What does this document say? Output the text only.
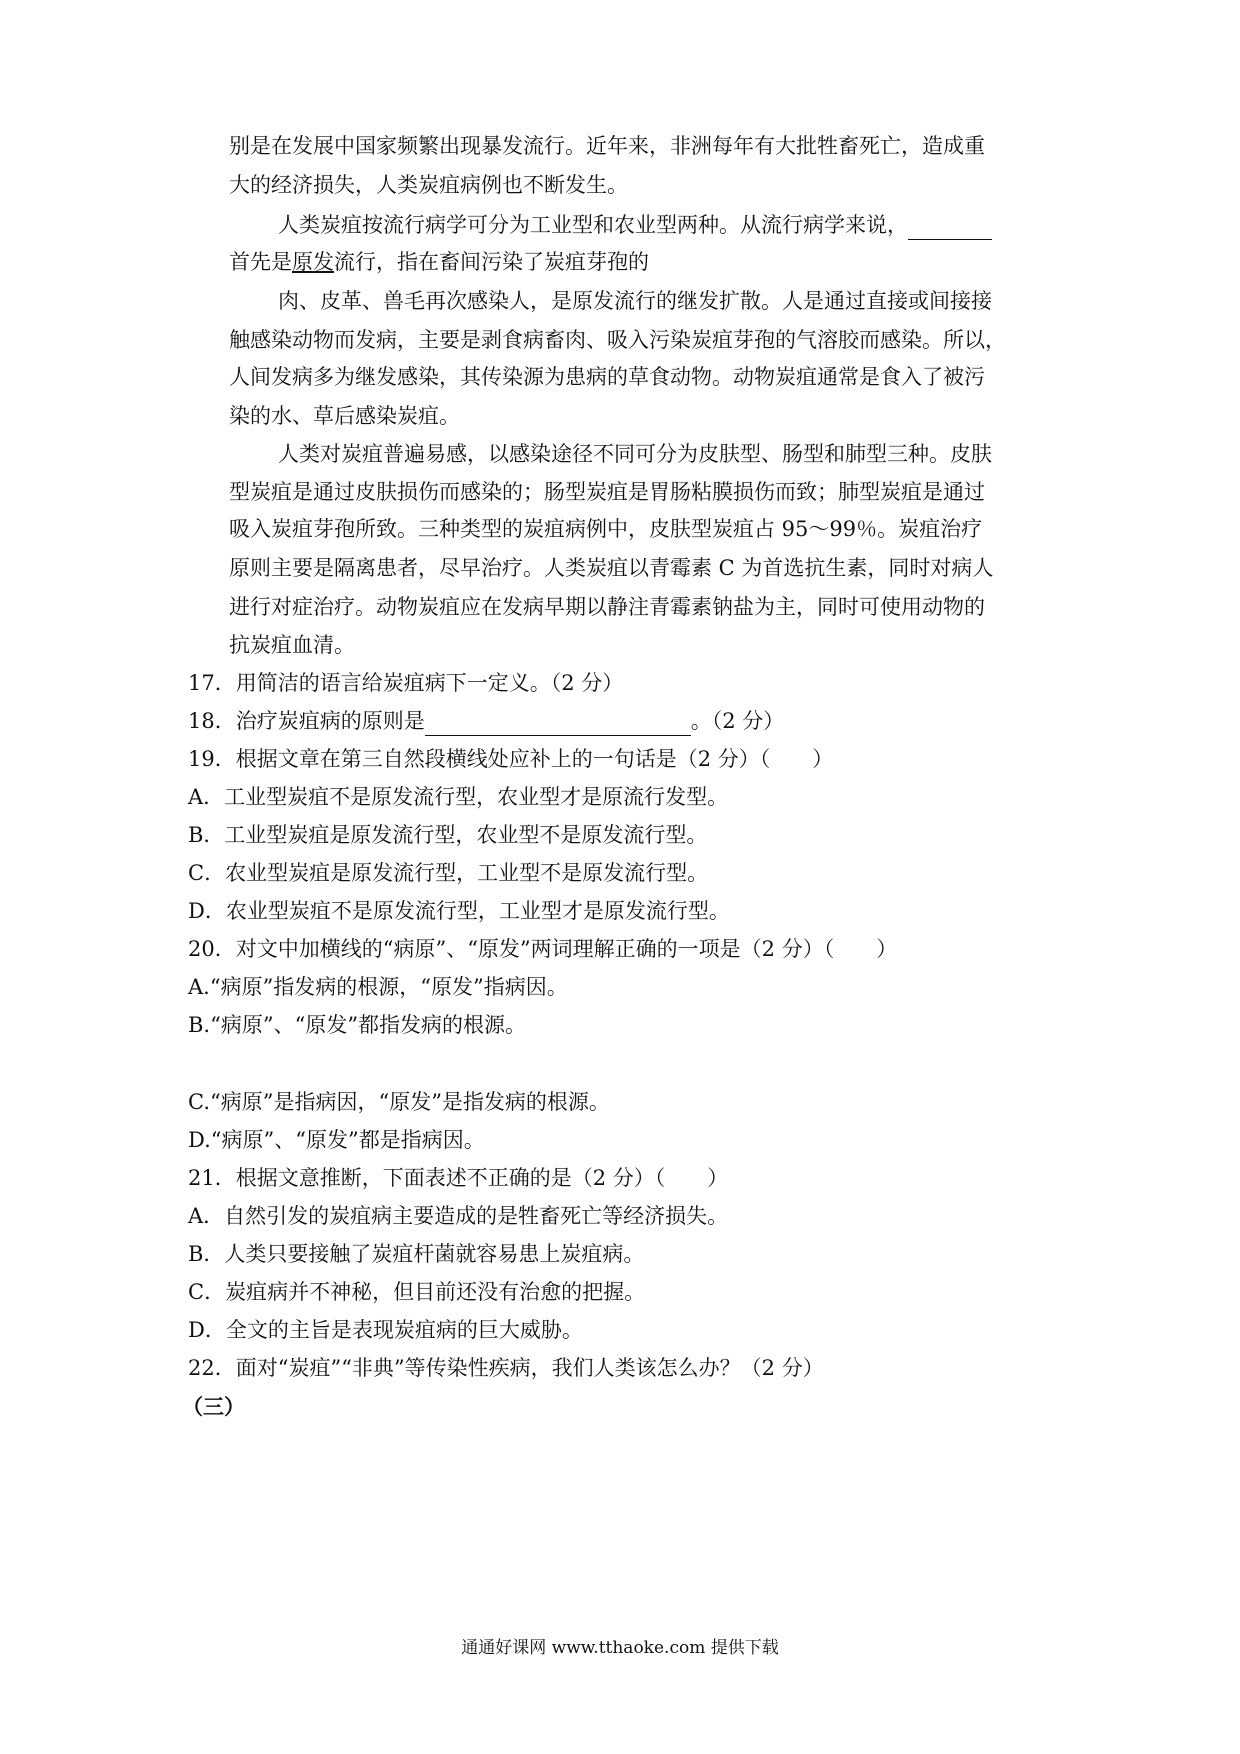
别是在发展中国家频繁出现暴发流行。近年来，非洲每年有大批牲畜死亡，造成重
大的经济损失，人类炭疽病例也不断发生。
人类炭疽按流行病学可分为工业型和农业型两种。从流行病学来说，
首先是原发流行，指在畜间污染了炭疽芽孢的
肉、皮革、兽毛再次感染人，是原发流行的继发扩散。人是通过直接或间接接
触感染动物而发病，主要是剥食病畜肉、吸入污染炭疽芽孢的气溶胶而感染。所以，
人间发病多为继发感染，其传染源为患病的草食动物。动物炭疽通常是食入了被污
染的水、草后感染炭疽。
人类对炭疽普遍易感，以感染途径不同可分为皮肤型、肠型和肺型三种。皮肤
型炭疽是通过皮肤损伤而感染的；肠型炭疽是胃肠粘膜损伤而致；肺型炭疽是通过
吸入炭疽芽孢所致。三种类型的炭疽病例中，皮肤型炭疽占 95～99％。炭疽治疗
原则主要是隔离患者，尽早治疗。人类炭疽以青霉素 C 为首选抗生素，同时对病人
进行对症治疗。动物炭疽应在发病早期以静注青霉素钠盐为主，同时可使用动物的
抗炭疽血清。
17．用简洁的语言给炭疽病下一定义。（2 分）
18．治疗炭疽病的原则是	。（2 分）
19．根据文章在第三自然段横线处应补上的一句话是（2 分）（　　）
A．工业型炭疽不是原发流行型，农业型才是原流行发型。
B．工业型炭疽是原发流行型，农业型不是原发流行型。
C．农业型炭疽是原发流行型，工业型不是原发流行型。
D．农业型炭疽不是原发流行型，工业型才是原发流行型。
20．对文中加横线的“病原”、“原发”两词理解正确的一项是（2 分）（　　）
A.“病原”指发病的根源，“原发”指病因。
B.“病原”、“原发”都指发病的根源。
C.“病原”是指病因，“原发”是指发病的根源。
D.“病原”、“原发”都是指病因。
21．根据文意推断，下面表述不正确的是（2 分）（　　）
A．自然引发的炭疽病主要造成的是牲畜死亡等经济损失。
B．人类只要接触了炭疽杆菌就容易患上炭疽病。
C．炭疽病并不神秘，但目前还没有治愈的把握。
D．全文的主旨是表现炭疽病的巨大威胁。
22．面对“炭疽”“非典”等传染性疾病，我们人类该怎么办？（2 分）
（三）
通通好课网 www.tthaoke.com 提供下载
